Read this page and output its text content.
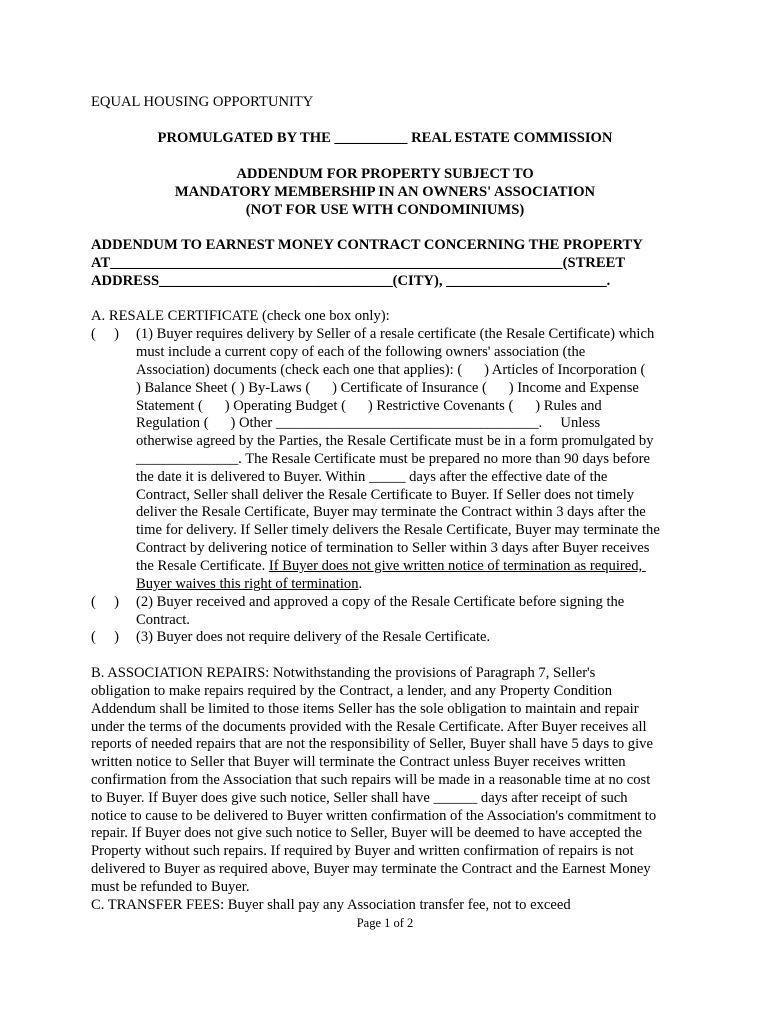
EQUAL HOUSING OPPORTUNITY
PROMULGATED BY THE __________ REAL ESTATE COMMISSION
ADDENDUM FOR PROPERTY SUBJECT TO
MANDATORY MEMBERSHIP IN AN OWNERS' ASSOCIATION
(NOT FOR USE WITH CONDOMINIUMS)
ADDENDUM TO EARNEST MONEY CONTRACT CONCERNING THE PROPERTY
AT______________________________________________________________(STREET
ADDRESS________________________________(CITY), ______________________.
A. RESALE CERTIFICATE (check one box only):
(     ) (1) Buyer requires delivery by Seller of a resale certificate (the Resale Certificate) which
must include a current copy of each of the following owners' association (the
Association) documents (check each one that applies): (      ) Articles of Incorporation (
) Balance Sheet ( ) By-Laws (      ) Certificate of Insurance (      ) Income and Expense
Statement (      ) Operating Budget (      ) Restrictive Covenants (      ) Rules and
Regulation (      ) Other ____________________________________.     Unless
otherwise agreed by the Parties, the Resale Certificate must be in a form promulgated by
______________. The Resale Certificate must be prepared no more than 90 days before
the date it is delivered to Buyer. Within _____ days after the effective date of the
Contract, Seller shall deliver the Resale Certificate to Buyer. If Seller does not timely
deliver the Resale Certificate, Buyer may terminate the Contract within 3 days after the
time for delivery. If Seller timely delivers the Resale Certificate, Buyer may terminate the
Contract by delivering notice of termination to Seller within 3 days after Buyer receives
the Resale Certificate. If Buyer does not give written notice of termination as required,
Buyer waives this right of termination.
(     ) (2) Buyer received and approved a copy of the Resale Certificate before signing the
Contract.
(     ) (3) Buyer does not require delivery of the Resale Certificate.
B. ASSOCIATION REPAIRS: Notwithstanding the provisions of Paragraph 7, Seller's
obligation to make repairs required by the Contract, a lender, and any Property Condition
Addendum shall be limited to those items Seller has the sole obligation to maintain and repair
under the terms of the documents provided with the Resale Certificate. After Buyer receives all
reports of needed repairs that are not the responsibility of Seller, Buyer shall have 5 days to give
written notice to Seller that Buyer will terminate the Contract unless Buyer receives written
confirmation from the Association that such repairs will be made in a reasonable time at no cost
to Buyer. If Buyer does give such notice, Seller shall have ______ days after receipt of such
notice to cause to be delivered to Buyer written confirmation of the Association's commitment to
repair. If Buyer does not give such notice to Seller, Buyer will be deemed to have accepted the
Property without such repairs. If required by Buyer and written confirmation of repairs is not
delivered to Buyer as required above, Buyer may terminate the Contract and the Earnest Money
must be refunded to Buyer.
C. TRANSFER FEES: Buyer shall pay any Association transfer fee, not to exceed
Page 1 of 2
